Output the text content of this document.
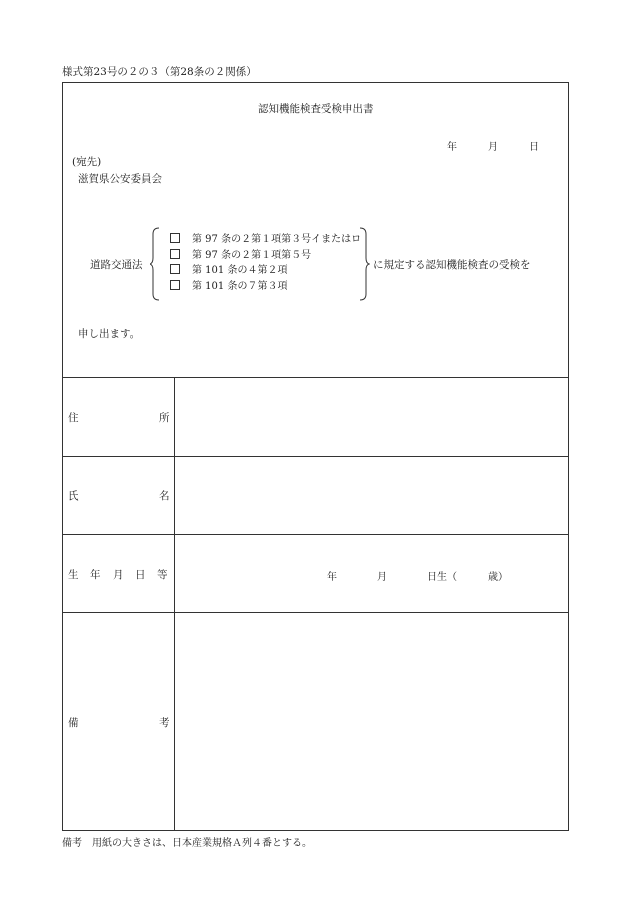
様式第23号の２の３（第28条の２関係）
認知機能検査受検申出書
年	月	日
(宛先)
滋賀県公安委員会
道路交通法
第 97 条の２第１項第３号イまたはロ
第 97 条の２第１項第５号
第 101 条の４第２項
第 101 条の７第３項
に規定する認知機能検査の受検を
申し出ます。
住	所
氏	名
生 年 月 日 等	年	月	日生（	歳）
備	考
備考　用紙の大きさは、日本産業規格Ａ列４番とする。
